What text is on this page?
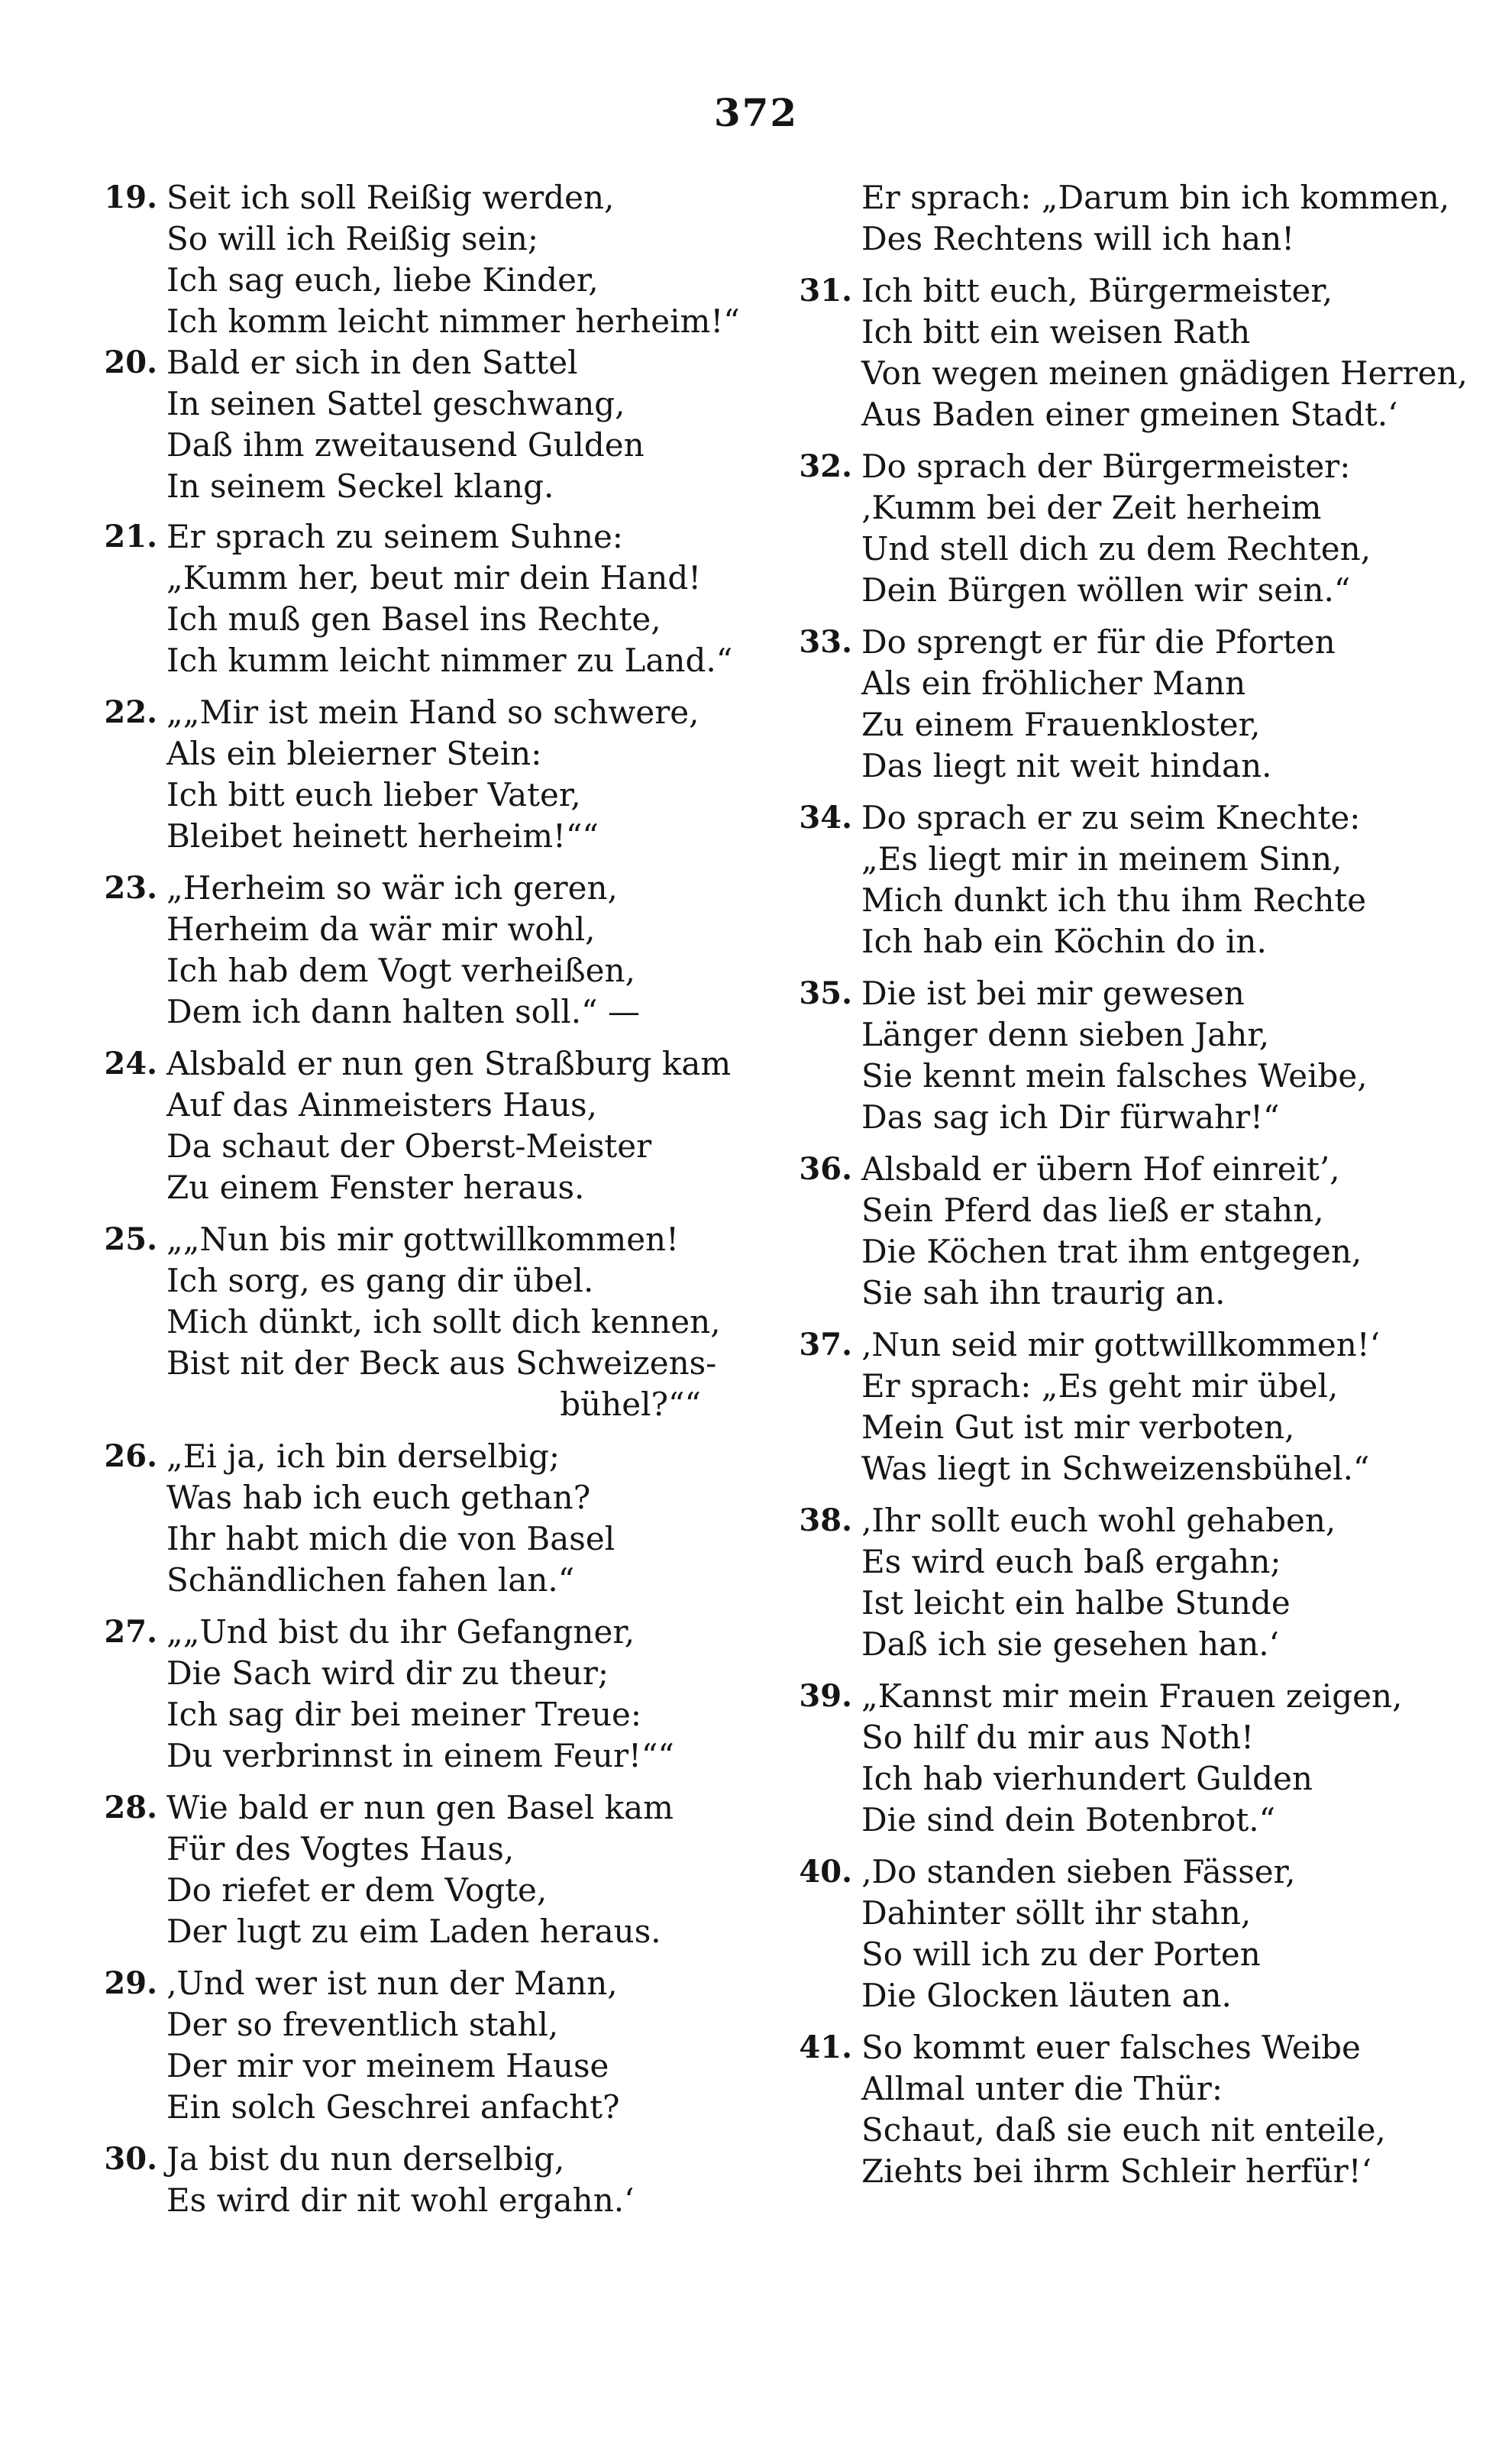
372
19. Seit ich soll Reißig werden,
So will ich Reißig sein;
Ich sag euch, liebe Kinder,
Ich komm leicht nimmer herheim!“
20. Bald er sich in den Sattel
In seinen Sattel geschwang,
Daß ihm zweitausend Gulden
In seinem Seckel klang.
21. Er sprach zu seinem Suhne:
„Kumm her, beut mir dein Hand!
Ich muß gen Basel ins Rechte,
Ich kumm leicht nimmer zu Land.“
22. „„Mir ist mein Hand so schwere,
Als ein bleierner Stein:
Ich bitt euch lieber Vater,
Bleibet heinett herheim!““
23. „Herheim so wär ich geren,
Herheim da wär mir wohl,
Ich hab dem Vogt verheißen,
Dem ich dann halten soll.“ —
24. Alsbald er nun gen Straßburg kam
Auf das Ainmeisters Haus,
Da schaut der Oberst-Meister
Zu einem Fenster heraus.
25. „„Nun bis mir gottwillkommen!
Ich sorg, es gang dir übel.
Mich dünkt, ich sollt dich kennen,
Bist nit der Beck aus Schweizens-
bühel?““
26. „Ei ja, ich bin derselbig;
Was hab ich euch gethan?
Ihr habt mich die von Basel
Schändlichen fahen lan.“
27. „„Und bist du ihr Gefangner,
Die Sach wird dir zu theur;
Ich sag dir bei meiner Treue:
Du verbrinnst in einem Feur!““
28. Wie bald er nun gen Basel kam
Für des Vogtes Haus,
Do riefet er dem Vogte,
Der lugt zu eim Laden heraus.
29. ‚Und wer ist nun der Mann,
Der so freventlich stahl,
Der mir vor meinem Hause
Ein solch Geschrei anfacht?
30. Ja bist du nun derselbig,
Es wird dir nit wohl ergahn.‘
Er sprach: „Darum bin ich kommen,
Des Rechtens will ich han!
31. Ich bitt euch, Bürgermeister,
Ich bitt ein weisen Rath
Von wegen meinen gnädigen Herren,
Aus Baden einer gmeinen Stadt.‘
32. Do sprach der Bürgermeister:
‚Kumm bei der Zeit herheim
Und stell dich zu dem Rechten,
Dein Bürgen wöllen wir sein.“
33. Do sprengt er für die Pforten
Als ein fröhlicher Mann
Zu einem Frauenkloster,
Das liegt nit weit hindan.
34. Do sprach er zu seim Knechte:
„Es liegt mir in meinem Sinn,
Mich dunkt ich thu ihm Rechte
Ich hab ein Köchin do in.
35. Die ist bei mir gewesen
Länger denn sieben Jahr,
Sie kennt mein falsches Weibe,
Das sag ich Dir fürwahr!“
36. Alsbald er übern Hof einreit’,
Sein Pferd das ließ er stahn,
Die Köchen trat ihm entgegen,
Sie sah ihn traurig an.
37. ‚Nun seid mir gottwillkommen!‘
Er sprach: „Es geht mir übel,
Mein Gut ist mir verboten,
Was liegt in Schweizensbühel.“
38. ‚Ihr sollt euch wohl gehaben,
Es wird euch baß ergahn;
Ist leicht ein halbe Stunde
Daß ich sie gesehen han.‘
39. „Kannst mir mein Frauen zeigen,
So hilf du mir aus Noth!
Ich hab vierhundert Gulden
Die sind dein Botenbrot.“
40. ‚Do standen sieben Fässer,
Dahinter söllt ihr stahn,
So will ich zu der Porten
Die Glocken läuten an.
41. So kommt euer falsches Weibe
Allmal unter die Thür:
Schaut, daß sie euch nit enteile,
Ziehts bei ihrm Schleir herfür!‘
